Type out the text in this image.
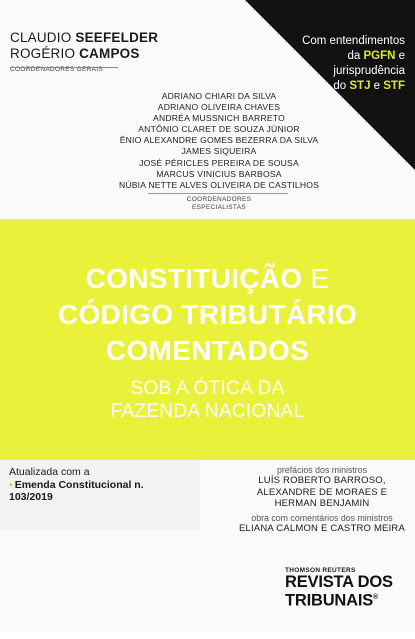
Com entendimentos
da PGFN e
jurisprudência
do STJ e STF
CLAUDIO SEEFELDER
ROGÉRIO CAMPOS
COORDENADORES GERAIS
ADRIANO CHIARI DA SILVA
ADRIANO OLIVEIRA CHAVES
ANDRÉA MUSSNICH BARRETO
ANTÔNIO CLARET DE SOUZA JÚNIOR
ÊNIO ALEXANDRE GOMES BEZERRA DA SILVA
JAMES SIQUEIRA
JOSÉ PÉRICLES PEREIRA DE SOUSA
MARCUS VINICIUS BARBOSA
NÚBIA NETTE ALVES OLIVEIRA DE CASTILHOS
COORDENADORES
ESPECIALISTAS
CONSTITUIÇÃO E
CÓDIGO TRIBUTÁRIO
COMENTADOS
SOB A ÓTICA DA
FAZENDA NACIONAL
Atualizada com a
• Emenda Constitucional n.
103/2019
prefácios dos ministros
LUÍS ROBERTO BARROSO,
ALEXANDRE DE MORAES E
HERMAN BENJAMIN
obra com comentários dos ministros
ELIANA CALMON E CASTRO MEIRA
THOMSON REUTERS
REVISTA DOS
TRIBUNAIS®
